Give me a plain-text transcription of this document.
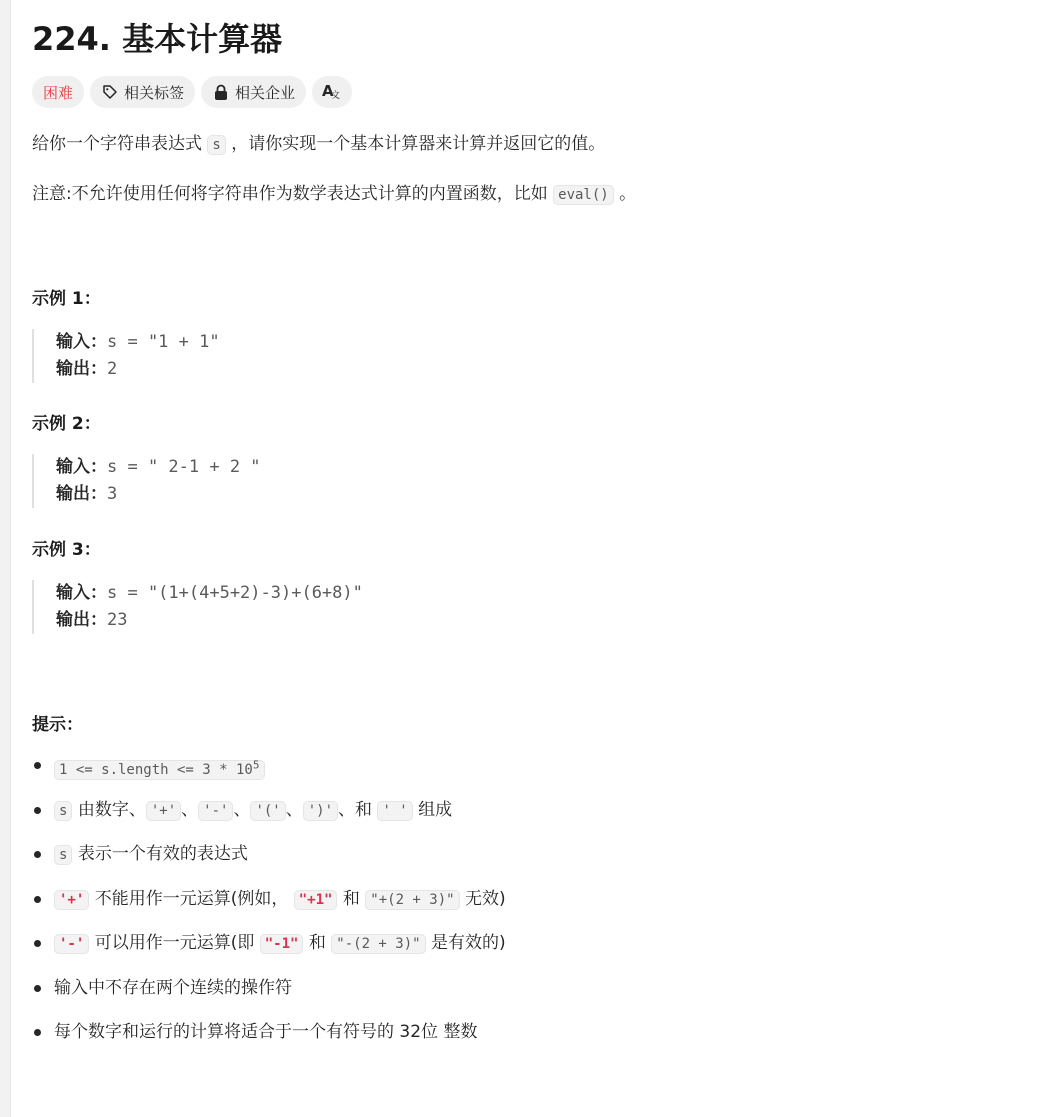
224. 基本计算器
困难	相关标签	相关企业 A
文

给你一个字符串表达式 s ，请你实现一个基本计算器来计算并返回它的值。

注意:不允许使用任何将字符串作为数学表达式计算的内置函数，比如 eval() 。

示例 1：
输入：s = "1 + 1"
输出：2
示例 2：
输入：s = " 2-1 + 2 "
输出：3
示例 3：
输入：s = "(1+(4+5+2)-3)+(6+8)"
输出：23
提示：
1 <= s.length <= $3 * 10^5$
s 由数字、 '+' 、 '-' 、 '(' 、 ')' 、和 ' ' 组成
s 表示一个有效的表达式
'+' 不能用作一元运算(例如， "+1" 和 "+(2 + 3)" 无效)
'-' 可以用作一元运算(即 "-1" 和 "-(2 + 3)" 是有效的)
输入中不存在两个连续的操作符
每个数字和运行的计算将适合于一个有符号的 32位 整数
